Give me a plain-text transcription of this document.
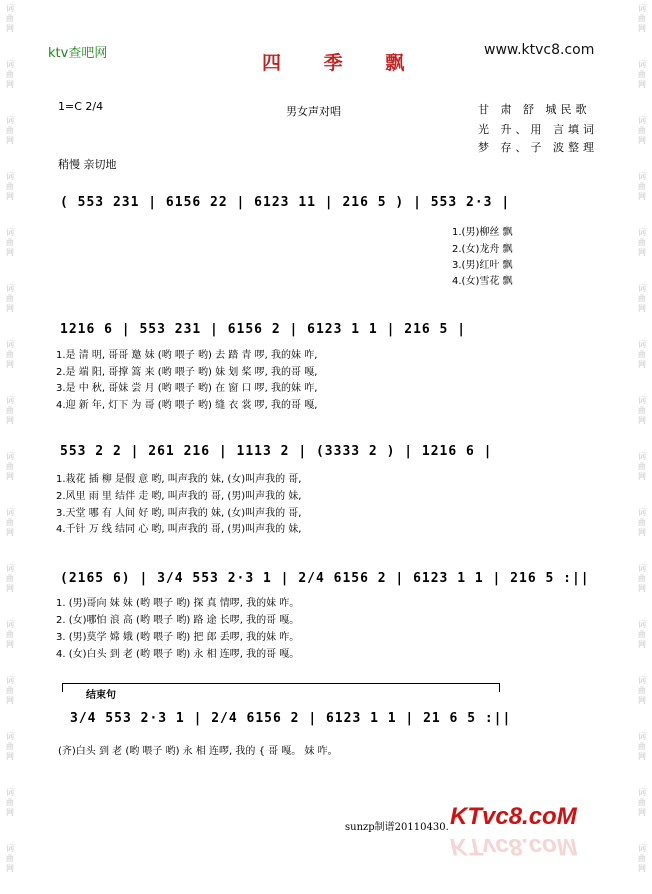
词曲网
词曲网
词曲网
词曲网
词曲网
词曲网
词曲网
词曲网
词曲网
词曲网
词曲网
词曲网
词曲网
词曲网
词曲网
词曲网
词曲网
词曲网
词曲网
词曲网
词曲网
词曲网
词曲网
词曲网
词曲网
词曲网
词曲网
词曲网
词曲网
词曲网
词曲网
词曲网
ktv查吧网	四 季 飘
www.ktvc8.com
1=C 2/4	男女声对唱	甘 肃 舒 城民歌
光 升、用 言填词
梦 存、子 波整理
稍慢 亲切地
( 553 231 | 6156 22 | 6123 11 | 216 5 ) | 553 2·3 |
1.(男)柳丝 飘
2.(女)龙舟 飘
3.(男)红叶 飘
4.(女)雪花 飘
1216 6 | 553 231 | 6156 2 | 6123 1 1 | 216 5 |
1.是 清 明, 哥哥 邀 妹 (哟 喂子 哟) 去 踏 青 啰, 我的妹 咋,
2.是 端 阳, 哥撑 篙 来 (哟 喂子 哟) 妹 划 桨 啰, 我的哥 嘎,
3.是 中 秋, 哥妹 尝 月 (哟 喂子 哟) 在 窗 口 啰, 我的妹 咋,
4.迎 新 年, 灯下 为 哥 (哟 喂子 哟) 缝 衣 裳 啰, 我的哥 嘎,
553 2 2 | 261 216 | 1113 2 | (3333 2 ) | 1216 6 |
1.栽花 插 柳 是假 意 哟, 叫声我的 妹, (女)叫声我的 哥,
2.风里 雨 里 结伴 走 哟, 叫声我的 哥, (男)叫声我的 妹,
3.天堂 哪 有 人间 好 哟, 叫声我的 妹, (女)叫声我的 哥,
4.千针 万 线 结同 心 哟, 叫声我的 哥, (男)叫声我的 妹,
(2165 6) | 3/4 553 2·3 1 | 2/4 6156 2 | 6123 1 1 | 216 5 :||
1. (男)哥向 妹 妹 (哟 喂子 哟) 探 真 情啰, 我的妹 咋。
2. (女)哪怕 浪 高 (哟 喂子 哟) 路 途 长啰, 我的哥 嘎。
3. (男)莫学 嫦 娥 (哟 喂子 哟) 把 郎 丢啰, 我的妹 咋。
4. (女)白头 到 老 (哟 喂子 哟) 永 相 连啰, 我的哥 嘎。
结束句
3/4 553 2·3 1 | 2/4 6156 2 | 6123 1 1 | 21 6 5 :||
(齐)白头 到 老 (哟 喂子 哟) 永 相 连啰, 我的 { 哥 嘎。 妹 咋。
sunzp制谱20110430. KTvc8.coM
KTvc8.coM
